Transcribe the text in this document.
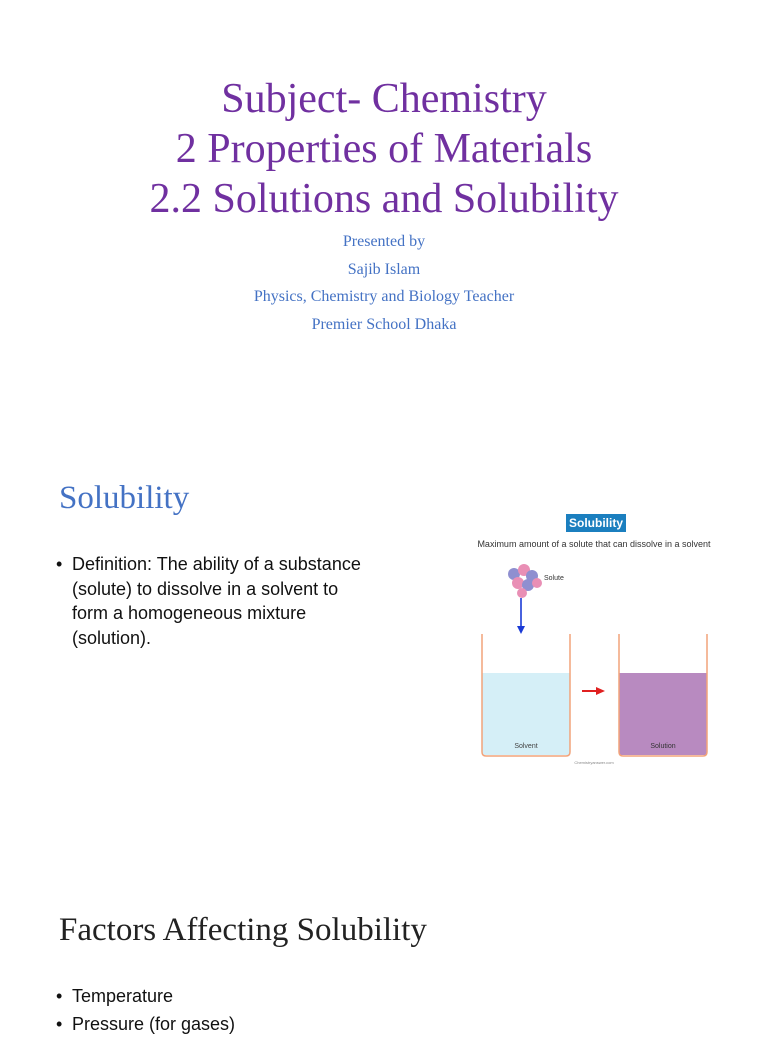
Subject- Chemistry
2 Properties of Materials
2.2 Solutions and Solubility
Presented by
Sajib Islam
Physics, Chemistry and Biology Teacher
Premier School Dhaka
Solubility
• Definition: The ability of a substance (solute) to dissolve in a solvent to form a homogeneous mixture (solution).
Solubility
Maximum amount of a solute that can dissolve in a solvent
Solute
Solvent	Solution
Chemistryanswer.com
Factors Affecting Solubility
• Temperature
• Pressure (for gases)
